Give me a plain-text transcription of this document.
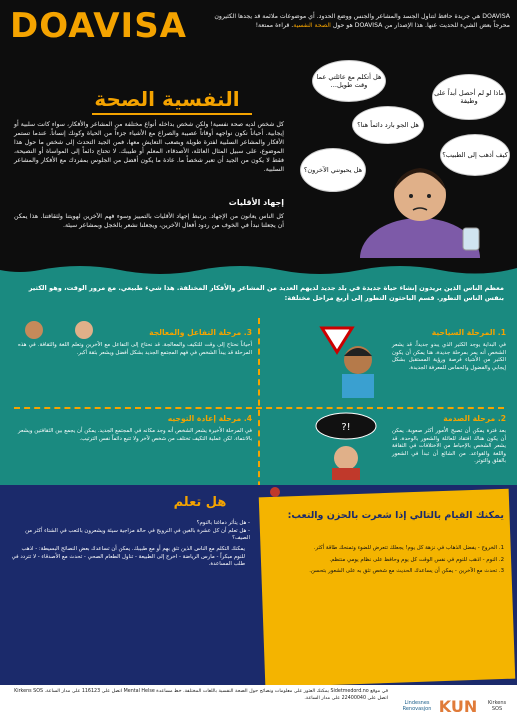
DOAVISA	DOAVISA هي جريدة حافظ لتناول الجسد والمشاعر والجنس ووضع الحدود. أي موضوعات ملائمة قد يجدها الكثيرون محرجاً بعض الشيء للحديث عنها. هذا الإصدار من DOAVISA هو حول الصحة النفسية. قراءة ممتعة!
هل أتكلم مع عائلتي عما وقت طويل...
ماذا لو لم أحصل أبداً على وظيفة
هل الجو بارد دائماً هنا؟
كيف أذهب إلى الطبيب؟
هل يحبونني الآخرون؟
النفسية الصحة
كل شخص لديه صحة نفسية! ولكن شخص بداخله أنواع مختلفة من المشاعر والأفكار، سواء كانت سلبية أو إيجابية. أحياناً نكون نواجهه أوقاتاً عصيبة والصراع مع الأشياء جزءاً من الحياة وكونك إنساناً. عندما تستمر الأفكار والمشاعر السلبية لفترة طويلة وبصعب التعايش معها، فمن الجيد التحدث إلى شخص ما حول هذا الموضوع، على سبيل المثال العائلة، الأصدقاء، المعلم أو طبيبك. لا تحتاج دائماً إلى المواساة أو النصيحة، فقط لا يكون من الجيد أن تعبر شخصاً ما. عادة ما يكون أفضل من الجلوس بمفردك مع الأفكار والمشاعر السلبية.
إجهاد الأقليات
كل الناس يعانون من الإجهاد. يرتبط إجهاد الأقليات بالتمييز وسوء فهم الآخرين لهويتنا ولثقافتنا. هذا يمكن أن يجعلنا نبدأ في الخوف من ردود أفعال الآخرين، ويجعلنا نشعر بالخجل وبمشاعر سيئة.
معظم الناس الذين يريدون إنشاء حياة جديدة في بلد جديد لديهم العديد من المشاعر والأفكار المختلفة. هذا شيء طبيعي. مع مرور الوقت، وهو الكثير بنفس الناس التطور. قسم الباحثون التطور إلى أربع مراحل مختلفة:
1. المرحلة السياحية
في البداية يوجد الكثير الذي يبدو جديداً. قد يشعر الشخص أنه يمر بمرحلة جديدة، هنا يمكن أن يكون الكثير من الأشياء فرصة ورؤية المستقبل بشكل إيجابي والفضول والحماس للمعرفة الجديدة.
2. مرحلة الصدمة
بعد فترة يمكن أن تصبح الأمور أكثر صعوبة. يمكن أن يكون هناك افتقاد للعائلة والشعور بالوحدة، قد يشعر الشخص بالإحباط من الاختلافات في الثقافة واللغة والقواعد. من الشائع أن تبدأ في الشعور بالقلق والتوتر.
?!
3. مرحلة التفاعل والمعالجة
أحياناً نحتاج إلى وقت للتكيف والمعالجة. قد نحتاج إلى التفاعل مع الآخرين وتعلم اللغة والثقافة. في هذه المرحلة قد يبدأ الشخص في فهم المجتمع الجديد بشكل أفضل ويشعر بثقة أكبر.
4. مرحلة إعادة التوجيه
في المرحلة الأخيرة يشعر الشخص أنه وجد مكانه في المجتمع الجديد. يمكن أن يجمع بين الثقافتين ويشعر بالانتماء. لكن عملية التكيف تختلف من شخص لآخر ولا تتبع دائماً نفس الترتيب.
هل تعلم
- هل يتأثر دماغنا بالنوم؟
- هل تعلم أن كل عشرة بالغين في النرويج في حالة مزاجية سيئة ويشعرون بالتعب في الشتاء أكثر من الصيف؟
يمكنك التكلم مع الناس الذين تثق بهم أو مع طبيبك. يمكن أن تساعدك بعض النصائح البسيطة: - اذهب للنوم مبكراً - مارس الرياضة - اخرج إلى الطبيعة - تناول الطعام الصحي - تحدث مع الأصدقاء - لا تتردد في طلب المساعدة.
يمكنك القيام بالتالي إذا شعرت بالحزن والتعب:

1. الخروج - يفضل الذهاب في نزهة كل يوم! يجعلك تتعرض للضوء وتمنحك طاقة أكثر.

2. النوم - اذهب للنوم في نفس الوقت كل يوم وحافظ على نظام يومي منتظم.

3. تحدث مع الآخرين - يمكن أن يساعدك الحديث مع شخص تثق به على الشعور بتحسن.

في موقع Sidetmedord.no يمكنك العثور على معلومات ونصائح حول الصحة النفسية باللغات المختلفة. خط مساعدة Mental Helse اتصل على 116123 على مدار الساعة. Kirkens SOS اتصل على 22400040 على مدار الساعة.
Lindesnes Renovasjon KUN	Kirkens SOS
